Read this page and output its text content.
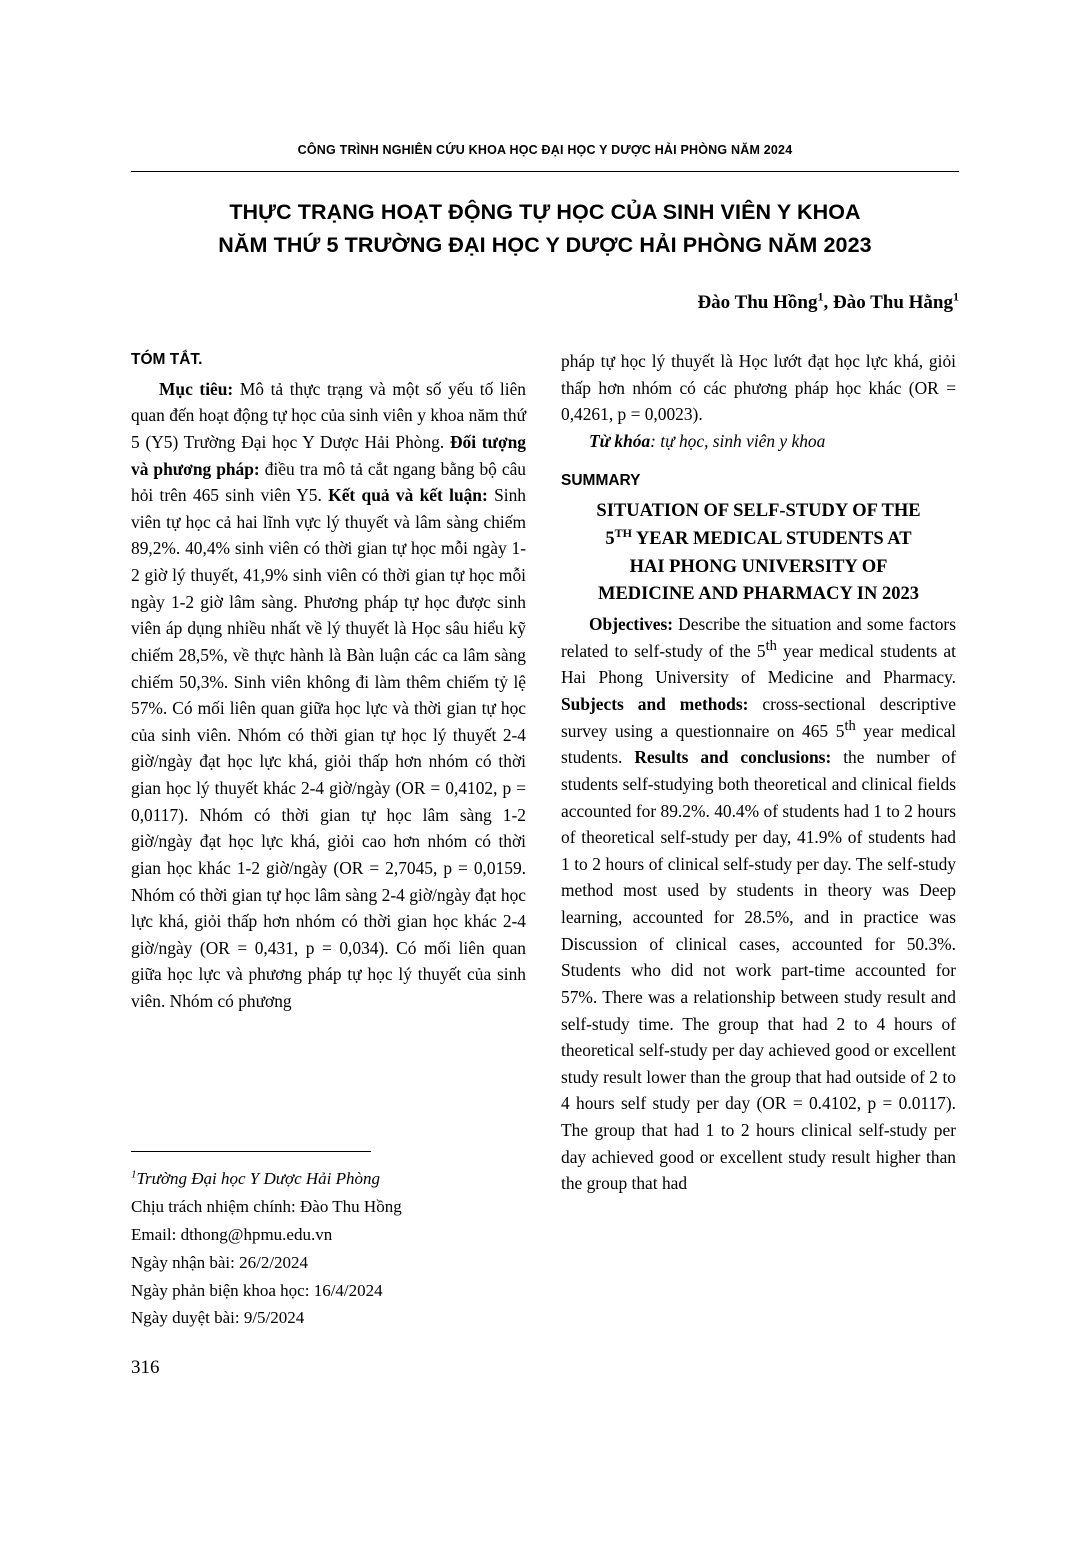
CÔNG TRÌNH NGHIÊN CỨU KHOA HỌC ĐẠI HỌC Y DƯỢC HẢI PHÒNG NĂM 2024
THỰC TRẠNG HOẠT ĐỘNG TỰ HỌC CỦA SINH VIÊN Y KHOA
NĂM THỨ 5 TRƯỜNG ĐẠI HỌC Y DƯỢC HẢI PHÒNG NĂM 2023
Đào Thu Hồng$^1$, Đào Thu Hằng$^1$
TÓM TẮT.

Mục tiêu: Mô tả thực trạng và một số yếu tố liên quan đến hoạt động tự học của sinh viên y khoa năm thứ 5 (Y5) Trường Đại học Y Dược Hải Phòng. Đối tượng và phương pháp: điều tra mô tả cắt ngang bằng bộ câu hỏi trên 465 sinh viên Y5. Kết quả và kết luận: Sinh viên tự học cả hai lĩnh vực lý thuyết và lâm sàng chiếm 89,2%. 40,4% sinh viên có thời gian tự học mỗi ngày 1-2 giờ lý thuyết, 41,9% sinh viên có thời gian tự học mỗi ngày 1-2 giờ lâm sàng. Phương pháp tự học được sinh viên áp dụng nhiều nhất về lý thuyết là Học sâu hiểu kỹ chiếm 28,5%, về thực hành là Bàn luận các ca lâm sàng chiếm 50,3%. Sinh viên không đi làm thêm chiếm tỷ lệ 57%. Có mối liên quan giữa học lực và thời gian tự học của sinh viên. Nhóm có thời gian tự học lý thuyết 2-4 giờ/ngày đạt học lực khá, giỏi thấp hơn nhóm có thời gian học lý thuyết khác 2-4 giờ/ngày (OR = 0,4102, p = 0,0117). Nhóm có thời gian tự học lâm sàng 1-2 giờ/ngày đạt học lực khá, giỏi cao hơn nhóm có thời gian học khác 1-2 giờ/ngày (OR = 2,7045, p = 0,0159. Nhóm có thời gian tự học lâm sàng 2-4 giờ/ngày đạt học lực khá, giỏi thấp hơn nhóm có thời gian học khác 2-4 giờ/ngày (OR = 0,431, p = 0,034). Có mối liên quan giữa học lực và phương pháp tự học lý thuyết của sinh viên. Nhóm có phương

pháp tự học lý thuyết là Học lướt đạt học lực khá, giỏi thấp hơn nhóm có các phương pháp học khác (OR = 0,4261, p = 0,0023).

Từ khóa: tự học, sinh viên y khoa

SUMMARY

SITUATION OF SELF-STUDY OF THE
5TH YEAR MEDICAL STUDENTS AT
HAI PHONG UNIVERSITY OF
MEDICINE AND PHARMACY IN 2023

Objectives: Describe the situation and some factors related to self-study of the 5th year medical students at Hai Phong University of Medicine and Pharmacy. Subjects and methods: cross-sectional descriptive survey using a questionnaire on 465 5th year medical students. Results and conclusions: the number of students self-studying both theoretical and clinical fields accounted for 89.2%. 40.4% of students had 1 to 2 hours of theoretical self-study per day, 41.9% of students had 1 to 2 hours of clinical self-study per day. The self-study method most used by students in theory was Deep learning, accounted for 28.5%, and in practice was Discussion of clinical cases, accounted for 50.3%. Students who did not work part-time accounted for 57%. There was a relationship between study result and self-study time. The group that had 2 to 4 hours of theoretical self-study per day achieved good or excellent study result lower than the group that had outside of 2 to 4 hours self study per day (OR = 0.4102, p = 0.0117). The group that had 1 to 2 hours clinical self-study per day achieved good or excellent study result higher than the group that had

$^1$Trường Đại học Y Dược Hải Phòng
Chịu trách nhiệm chính: Đào Thu Hồng
Email: dthong@hpmu.edu.vn
Ngày nhận bài: 26/2/2024
Ngày phản biện khoa học: 16/4/2024
Ngày duyệt bài: 9/5/2024
316
